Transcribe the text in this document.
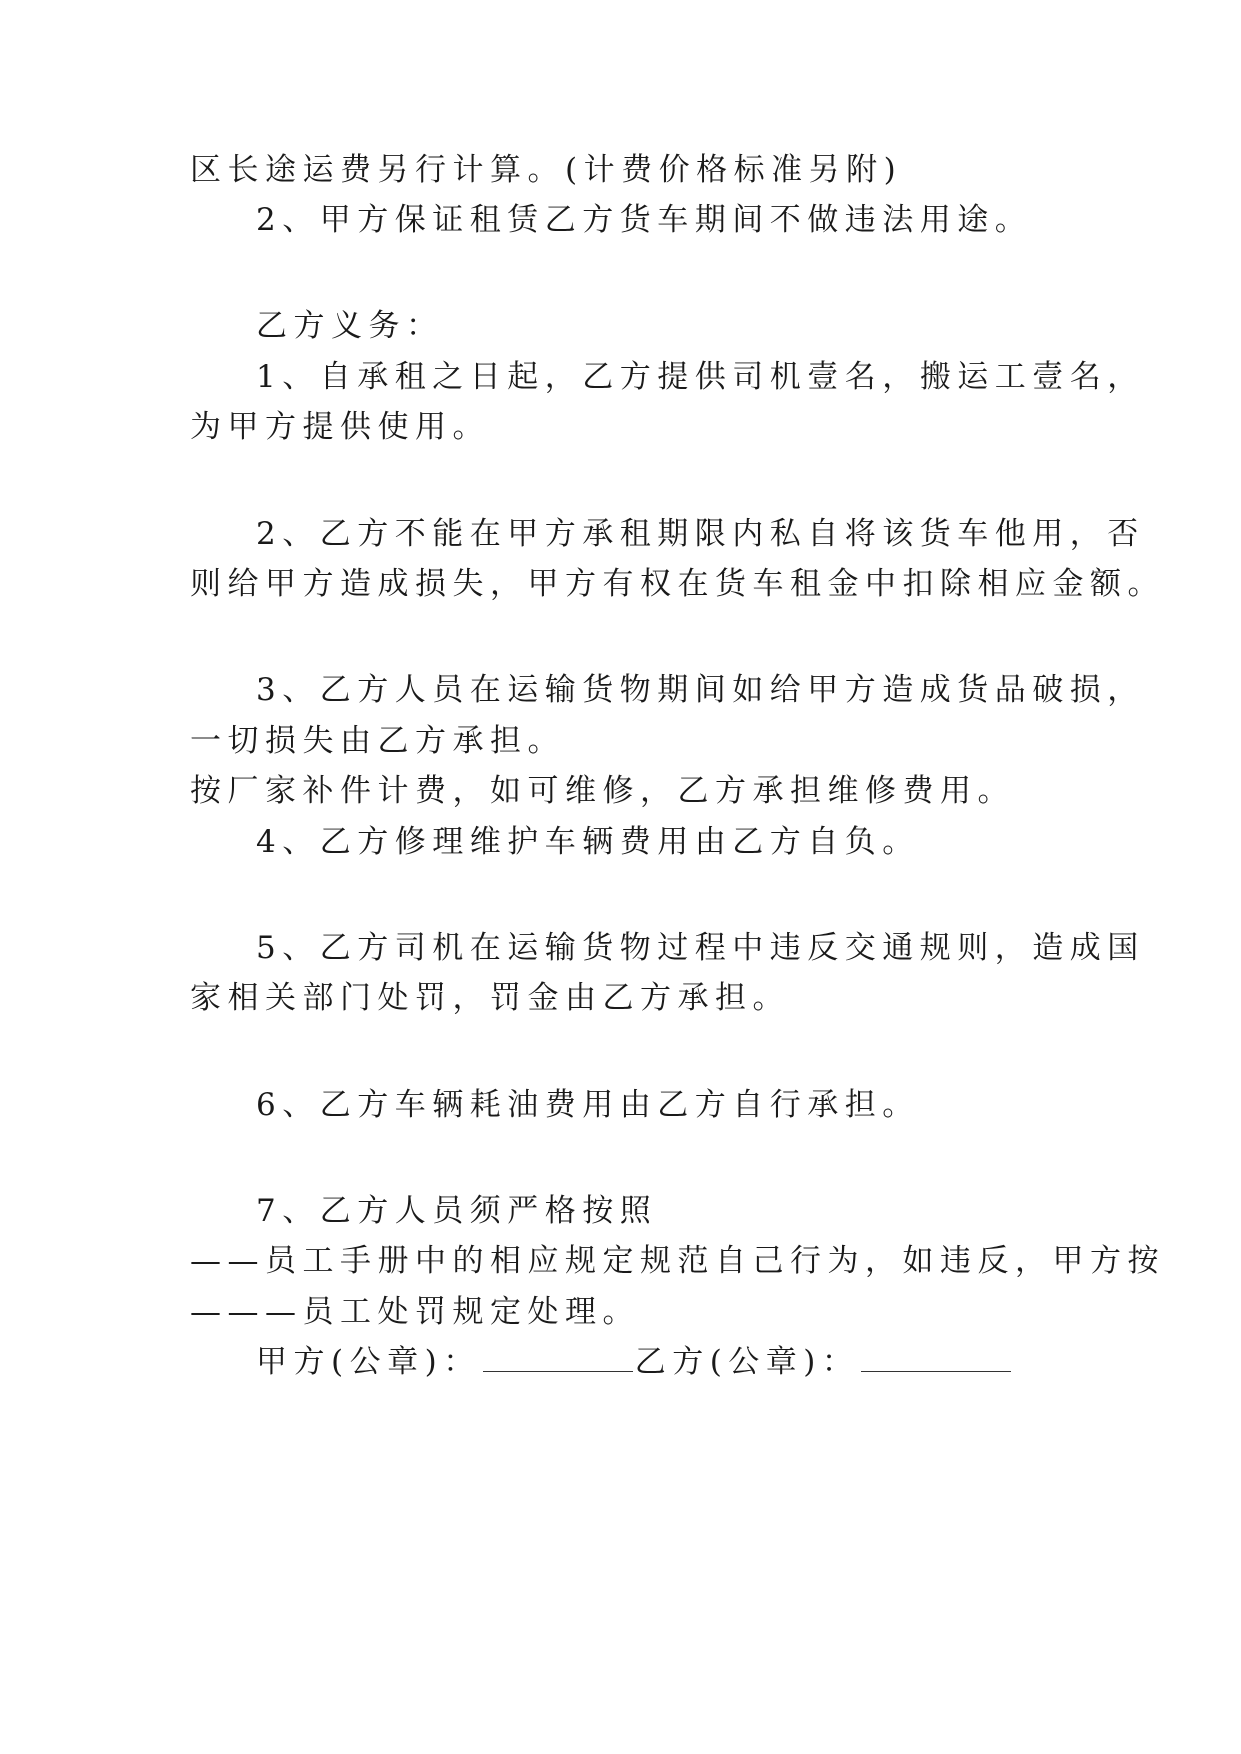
区长途运费另行计算。(计费价格标准另附)
2、甲方保证租赁乙方货车期间不做违法用途。
乙方义务：
1、自承租之日起，乙方提供司机壹名，搬运工壹名，
为甲方提供使用。
2、乙方不能在甲方承租期限内私自将该货车他用，否
则给甲方造成损失，甲方有权在货车租金中扣除相应金额。
3、乙方人员在运输货物期间如给甲方造成货品破损，
一切损失由乙方承担。
按厂家补件计费，如可维修，乙方承担维修费用。
4、乙方修理维护车辆费用由乙方自负。
5、乙方司机在运输货物过程中违反交通规则，造成国
家相关部门处罚，罚金由乙方承担。
6、乙方车辆耗油费用由乙方自行承担。
7、乙方人员须严格按照
——员工手册中的相应规定规范自己行为，如违反，甲方按
———员工处罚规定处理。
甲方(公章)：	乙方(公章)：
